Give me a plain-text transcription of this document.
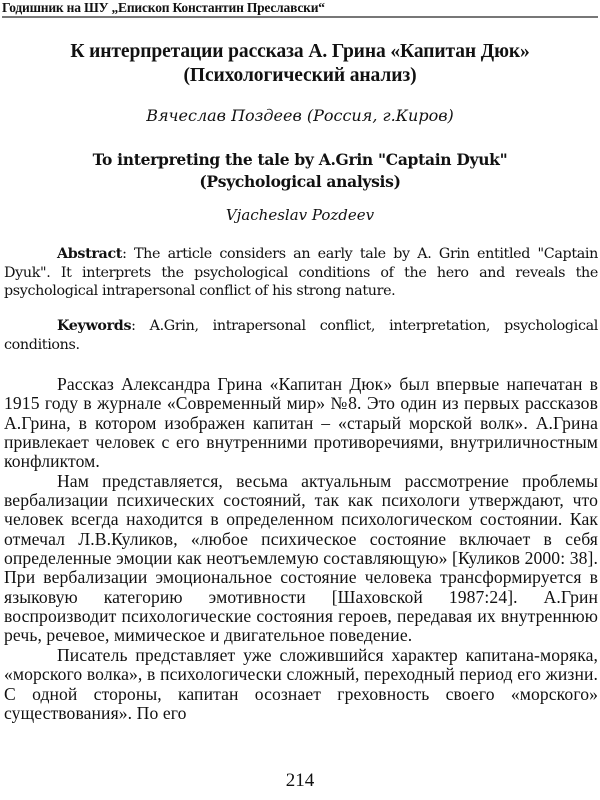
Годишник на ШУ „Епископ Константин Преславски“
К интерпретации рассказа А. Грина «Капитан Дюк»
(Психологический анализ)
Вячеслав Поздеев (Россия, г.Киров)
To interpreting the tale by A.Grin "Captain Dyuk"
(Psychological analysis)
Vjacheslav Pozdeev
Abstract: The article considers an early tale by A. Grin entitled "Captain Dyuk". It interprets the psychological conditions of the hero and reveals the psychological intrapersonal conflict of his strong nature.
Keywords: A.Grin, intrapersonal conflict, interpretation, psychological conditions.

Рассказ Александра Грина «Капитан Дюк» был впервые напечатан в 1915 году в журнале «Современный мир» №8. Это один из первых рассказов А.Грина, в котором изображен капитан – «старый морской волк». А.Грина привлекает человек с его внутренними противоречиями, внутриличностным конфликтом.

Нам представляется, весьма актуальным рассмотрение проблемы вербализации психических состояний, так как психологи утверждают, что человек всегда находится в определенном психологическом состоянии. Как отмечал Л.В.Куликов, «любое психическое состояние включает в себя определенные эмоции как неотъемлемую составляющую» [Куликов 2000: 38]. При вербализации эмоциональное состояние человека трансформируется в языковую категорию эмотивности [Шаховской 1987:24]. А.Грин воспроизводит психологические состояния героев, передавая их внутреннюю речь, речевое, мимическое и двигательное поведение.

Писатель представляет уже сложившийся характер капитана-моряка, «морского волка», в психологически сложный, переходный период его жизни. С одной стороны, капитан осознает греховность своего «морского» существования». По его

214
